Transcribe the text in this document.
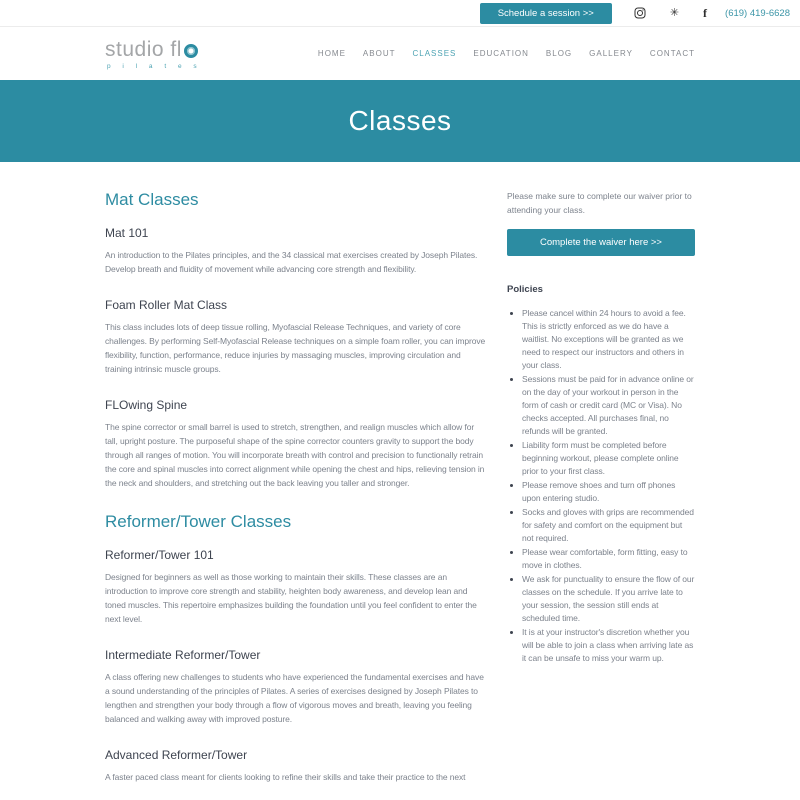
Schedule a session >>	✳ f (619) 419-6628
studio fl
p i l a t e s
HOME ABOUT CLASSES EDUCATION BLOG GALLERY CONTACT
Classes
Mat Classes
Mat 101

An introduction to the Pilates principles, and the 34 classical mat exercises created by Joseph Pilates. Develop breath and fluidity of movement while advancing core strength and flexibility.

Foam Roller Mat Class

This class includes lots of deep tissue rolling, Myofascial Release Techniques, and variety of core challenges. By performing Self-Myofascial Release techniques on a simple foam roller, you can improve flexibility, function, performance, reduce injuries by massaging muscles, improving circulation and training intrinsic muscle groups.

FLOwing Spine

The spine corrector or small barrel is used to stretch, strengthen, and realign muscles which allow for tall, upright posture. The purposeful shape of the spine corrector counters gravity to support the body through all ranges of motion. You will incorporate breath with control and precision to functionally retrain the core and spinal muscles into correct alignment while opening the chest and hips, relieving tension in the neck and shoulders, and stretching out the back leaving you taller and stronger.

Reformer/Tower Classes
Reformer/Tower 101

Designed for beginners as well as those working to maintain their skills. These classes are an introduction to improve core strength and stability, heighten body awareness, and develop lean and toned muscles. This repertoire emphasizes building the foundation until you feel confident to enter the next level.

Intermediate Reformer/Tower

A class offering new challenges to students who have experienced the fundamental exercises and have a sound understanding of the principles of Pilates. A series of exercises designed by Joseph Pilates to lengthen and strengthen your body through a flow of vigorous moves and breath, leaving you feeling balanced and walking away with improved posture.

Advanced Reformer/Tower

A faster paced class meant for clients looking to refine their skills and take their practice to the next

Please make sure to complete our waiver prior to attending your class.

Complete the waiver here >>
Policies
• Please cancel within 24 hours to avoid a fee. This is strictly enforced as we do have a waitlist. No exceptions will be granted as we need to respect our instructors and others in your class.
• Sessions must be paid for in advance online or on the day of your workout in person in the form of cash or credit card (MC or Visa). No checks accepted. All purchases final, no refunds will be granted.
• Liability form must be completed before beginning workout, please complete online prior to your first class.
• Please remove shoes and turn off phones upon entering studio.
• Socks and gloves with grips are recommended for safety and comfort on the equipment but not required.
• Please wear comfortable, form fitting, easy to move in clothes.
• We ask for punctuality to ensure the flow of our classes on the schedule. If you arrive late to your session, the session still ends at scheduled time.
• It is at your instructor's discretion whether you will be able to join a class when arriving late as it can be unsafe to miss your warm up.
